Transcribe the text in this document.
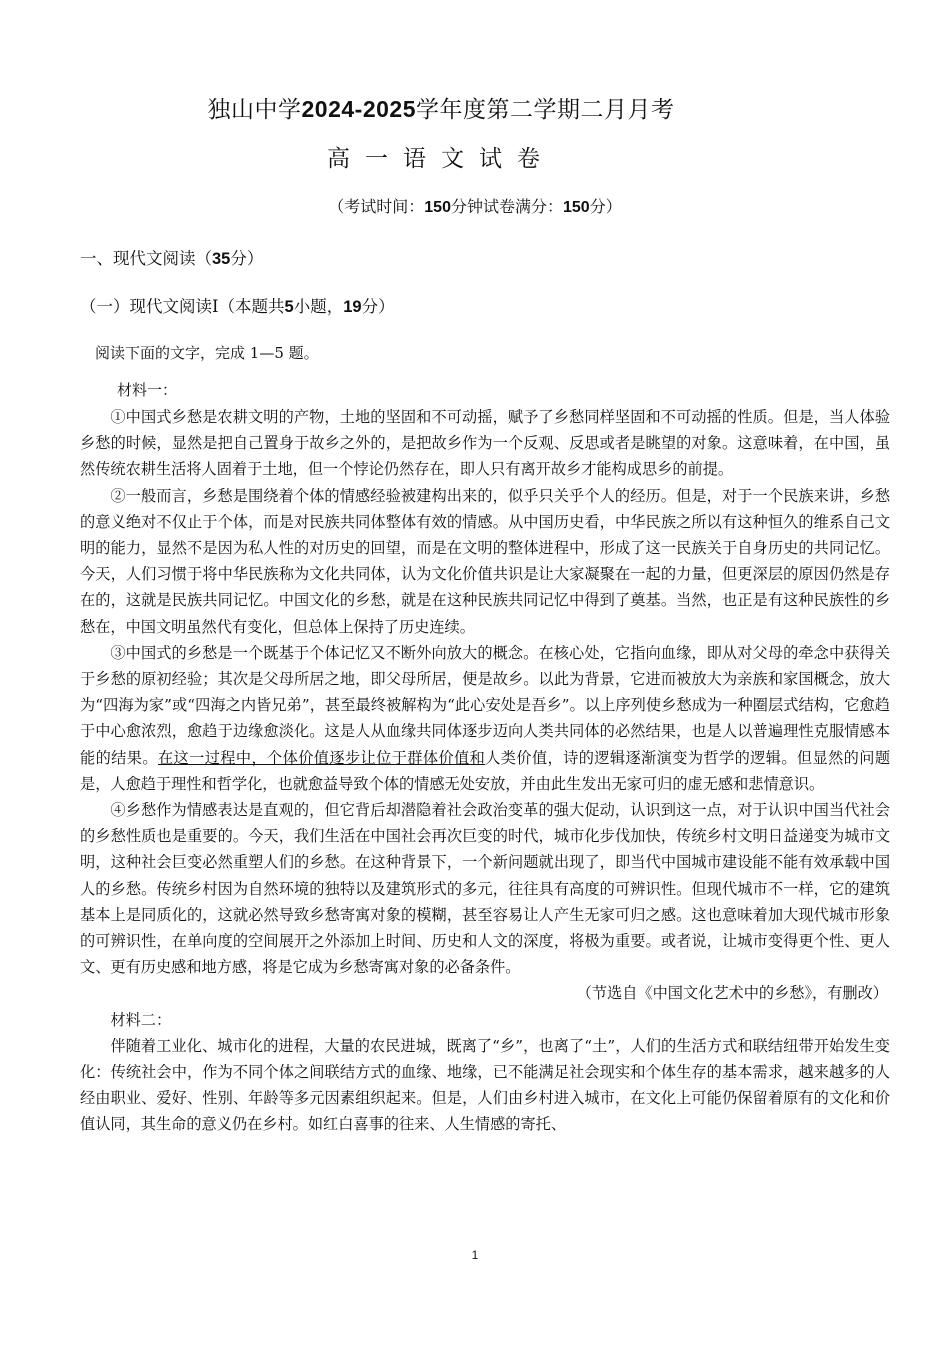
独山中学2024-2025学年度第二学期二月月考
高一语文试卷
（考试时间：150分钟试卷满分：150分）
一、现代文阅读（35分）
（一）现代文阅读Ⅰ（本题共5小题，19分）
阅读下面的文字，完成 1—5 题。
材料一：

①中国式乡愁是农耕文明的产物，土地的坚固和不可动摇，赋予了乡愁同样坚固和不可动摇的性质。但是，当人体验乡愁的时候，显然是把自己置身于故乡之外的，是把故乡作为一个反观、反思或者是眺望的对象。这意味着，在中国，虽然传统农耕生活将人固着于土地，但一个悖论仍然存在，即人只有离开故乡才能构成思乡的前提。

②一般而言，乡愁是围绕着个体的情感经验被建构出来的，似乎只关乎个人的经历。但是，对于一个民族来讲，乡愁的意义绝对不仅止于个体，而是对民族共同体整体有效的情感。从中国历史看，中华民族之所以有这种恒久的维系自己文明的能力，显然不是因为私人性的对历史的回望，而是在文明的整体进程中，形成了这一民族关于自身历史的共同记忆。今天，人们习惯于将中华民族称为文化共同体，认为文化价值共识是让大家凝聚在一起的力量，但更深层的原因仍然是存在的，这就是民族共同记忆。中国文化的乡愁，就是在这种民族共同记忆中得到了奠基。当然，也正是有这种民族性的乡愁在，中国文明虽然代有变化，但总体上保持了历史连续。

③中国式的乡愁是一个既基于个体记忆又不断外向放大的概念。在核心处，它指向血缘，即从对父母的牵念中获得关于乡愁的原初经验；其次是父母所居之地，即父母所居，便是故乡。以此为背景，它进而被放大为亲族和家国概念，放大为“四海为家”或“四海之内皆兄弟”，甚至最终被解构为“此心安处是吾乡”。以上序列使乡愁成为一种圈层式结构，它愈趋于中心愈浓烈，愈趋于边缘愈淡化。这是人从血缘共同体逐步迈向人类共同体的必然结果，也是人以普遍理性克服情感本能的结果。在这一过程中，个体价值逐步让位于群体价值和人类价值，诗的逻辑逐渐演变为哲学的逻辑。但显然的问题是，人愈趋于理性和哲学化，也就愈益导致个体的情感无处安放，并由此生发出无家可归的虚无感和悲情意识。

④乡愁作为情感表达是直观的，但它背后却潜隐着社会政治变革的强大促动，认识到这一点，对于认识中国当代社会的乡愁性质也是重要的。今天，我们生活在中国社会再次巨变的时代，城市化步伐加快，传统乡村文明日益递变为城市文明，这种社会巨变必然重塑人们的乡愁。在这种背景下，一个新问题就出现了，即当代中国城市建设能不能有效承载中国人的乡愁。传统乡村因为自然环境的独特以及建筑形式的多元，往往具有高度的可辨识性。但现代城市不一样，它的建筑基本上是同质化的，这就必然导致乡愁寄寓对象的模糊，甚至容易让人产生无家可归之感。这也意味着加大现代城市形象的可辨识性，在单向度的空间展开之外添加上时间、历史和人文的深度，将极为重要。或者说，让城市变得更个性、更人文、更有历史感和地方感，将是它成为乡愁寄寓对象的必备条件。

（节选自《中国文化艺术中的乡愁》，有删改）

材料二：

伴随着工业化、城市化的进程，大量的农民进城，既离了“乡”，也离了“土”，人们的生活方式和联结纽带开始发生变化：传统社会中，作为不同个体之间联结方式的血缘、地缘，已不能满足社会现实和个体生存的基本需求，越来越多的人经由职业、爱好、性别、年龄等多元因素组织起来。但是，人们由乡村进入城市，在文化上可能仍保留着原有的文化和价值认同，其生命的意义仍在乡村。如红白喜事的往来、人生情感的寄托、

1
